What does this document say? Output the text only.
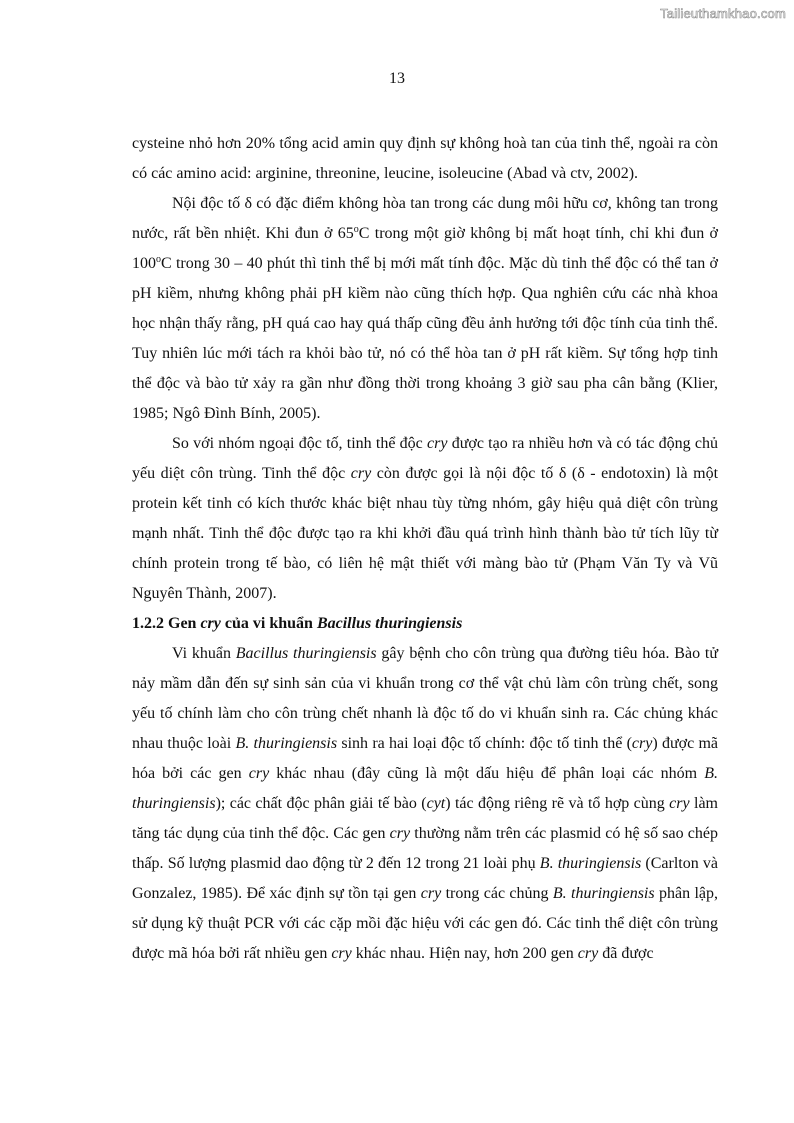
Tailieuthamkhao.com
13

cysteine nhỏ hơn 20% tổng acid amin quy định sự không hoà tan của tinh thể, ngoài ra còn có các amino acid: arginine, threonine, leucine, isoleucine (Abad và ctv, 2002).

Nội độc tố δ có đặc điểm không hòa tan trong các dung môi hữu cơ, không tan trong nước, rất bền nhiệt. Khi đun ở 65$^o$C trong một giờ không bị mất hoạt tính, chỉ khi đun ở 100$^o$C trong 30 – 40 phút thì tinh thể bị mới mất tính độc. Mặc dù tinh thể độc có thể tan ở pH kiềm, nhưng không phải pH kiềm nào cũng thích hợp. Qua nghiên cứu các nhà khoa học nhận thấy rằng, pH quá cao hay quá thấp cũng đều ảnh hưởng tới độc tính của tinh thể. Tuy nhiên lúc mới tách ra khỏi bào tử, nó có thể hòa tan ở pH rất kiềm. Sự tổng hợp tinh thể độc và bào tử xảy ra gần như đồng thời trong khoảng 3 giờ sau pha cân bằng (Klier, 1985; Ngô Đình Bính, 2005).

So với nhóm ngoại độc tố, tinh thể độc cry được tạo ra nhiều hơn và có tác động chủ yếu diệt côn trùng. Tinh thể độc cry còn được gọi là nội độc tố δ (δ - endotoxin) là một protein kết tinh có kích thước khác biệt nhau tùy từng nhóm, gây hiệu quả diệt côn trùng mạnh nhất. Tinh thể độc được tạo ra khi khởi đầu quá trình hình thành bào tử tích lũy từ chính protein trong tế bào, có liên hệ mật thiết với màng bào tử (Phạm Văn Ty và Vũ Nguyên Thành, 2007).

1.2.2 Gen cry của vi khuẩn Bacillus thuringiensis

Vi khuẩn Bacillus thuringiensis gây bệnh cho côn trùng qua đường tiêu hóa. Bào tử nảy mầm dẫn đến sự sinh sản của vi khuẩn trong cơ thể vật chủ làm côn trùng chết, song yếu tố chính làm cho côn trùng chết nhanh là độc tố do vi khuẩn sinh ra. Các chủng khác nhau thuộc loài B. thuringiensis sinh ra hai loại độc tố chính: độc tố tinh thể (cry) được mã hóa bởi các gen cry khác nhau (đây cũng là một dấu hiệu để phân loại các nhóm B. thuringiensis); các chất độc phân giải tế bào (cyt) tác động riêng rẽ và tổ hợp cùng cry làm tăng tác dụng của tinh thể độc. Các gen cry thường nằm trên các plasmid có hệ số sao chép thấp. Số lượng plasmid dao động từ 2 đến 12 trong 21 loài phụ B. thuringiensis (Carlton và Gonzalez, 1985). Để xác định sự tồn tại gen cry trong các chủng B. thuringiensis phân lập, sử dụng kỹ thuật PCR với các cặp mồi đặc hiệu với các gen đó. Các tinh thể diệt côn trùng được mã hóa bởi rất nhiều gen cry khác nhau. Hiện nay, hơn 200 gen cry đã được
